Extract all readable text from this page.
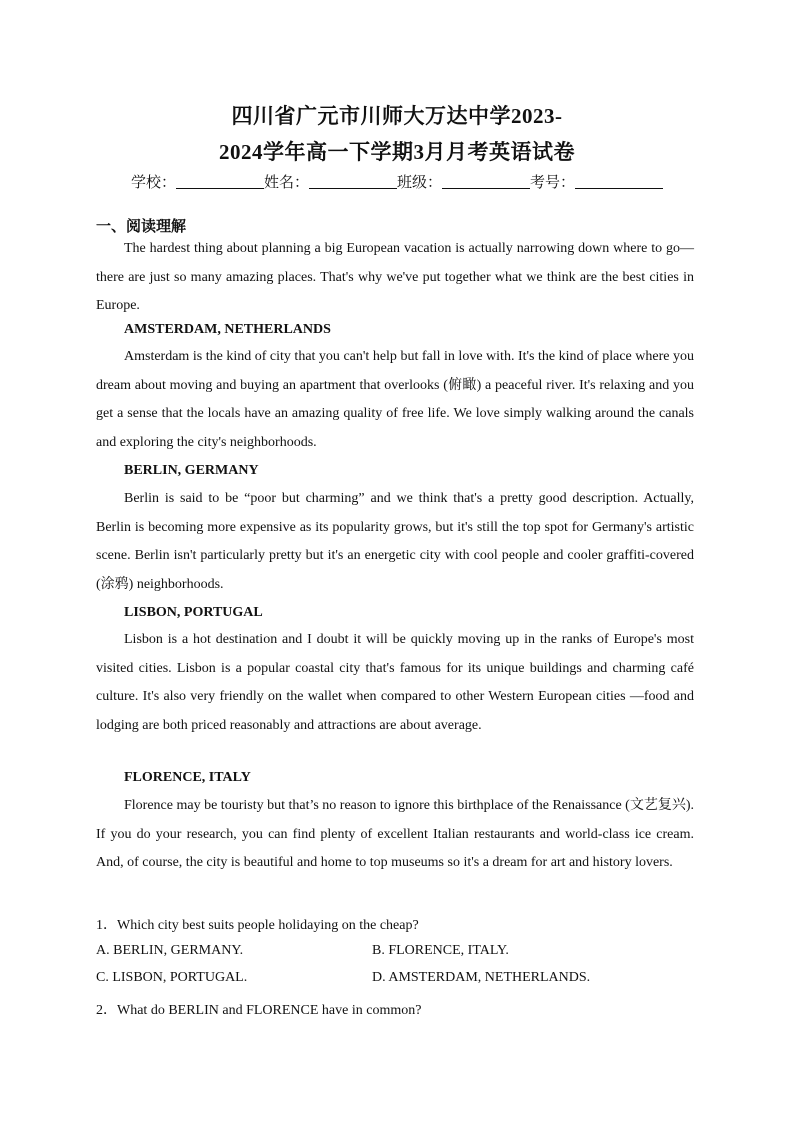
四川省广元市川师大万达中学2023-
2024学年高一下学期3月月考英语试卷
学校：	姓名：	班级：	考号：
一、阅读理解

The hardest thing about planning a big European vacation is actually narrowing down where to go—there are just so many amazing places. That's why we've put together what we think are the best cities in Europe.

AMSTERDAM, NETHERLANDS

Amsterdam is the kind of city that you can't help but fall in love with. It's the kind of place where you dream about moving and buying an apartment that overlooks (俯瞰) a peaceful river. It's relaxing and you get a sense that the locals have an amazing quality of free life. We love simply walking around the canals and exploring the city's neighborhoods.

BERLIN, GERMANY

Berlin is said to be “poor but charming” and we think that's a pretty good description. Actually, Berlin is becoming more expensive as its popularity grows, but it's still the top spot for Germany's artistic scene. Berlin isn't particularly pretty but it's an energetic city with cool people and cooler graffiti-covered (涂鸦) neighborhoods.

LISBON, PORTUGAL

Lisbon is a hot destination and I doubt it will be quickly moving up in the ranks of Europe's most visited cities. Lisbon is a popular coastal city that's famous for its unique buildings and charming café culture. It's also very friendly on the wallet when compared to other Western European cities —food and lodging are both priced reasonably and attractions are about average.

FLORENCE, ITALY

Florence may be touristy but that’s no reason to ignore this birthplace of the Renaissance (文艺复兴). If you do your research, you can find plenty of excellent Italian restaurants and world-class ice cream. And, of course, the city is beautiful and home to top museums so it's a dream for art and history lovers.

1．Which city best suits people holidaying on the cheap?
A. BERLIN, GERMANY.	B. FLORENCE, ITALY.
C. LISBON, PORTUGAL.	D. AMSTERDAM, NETHERLANDS.
2．What do BERLIN and FLORENCE have in common?
